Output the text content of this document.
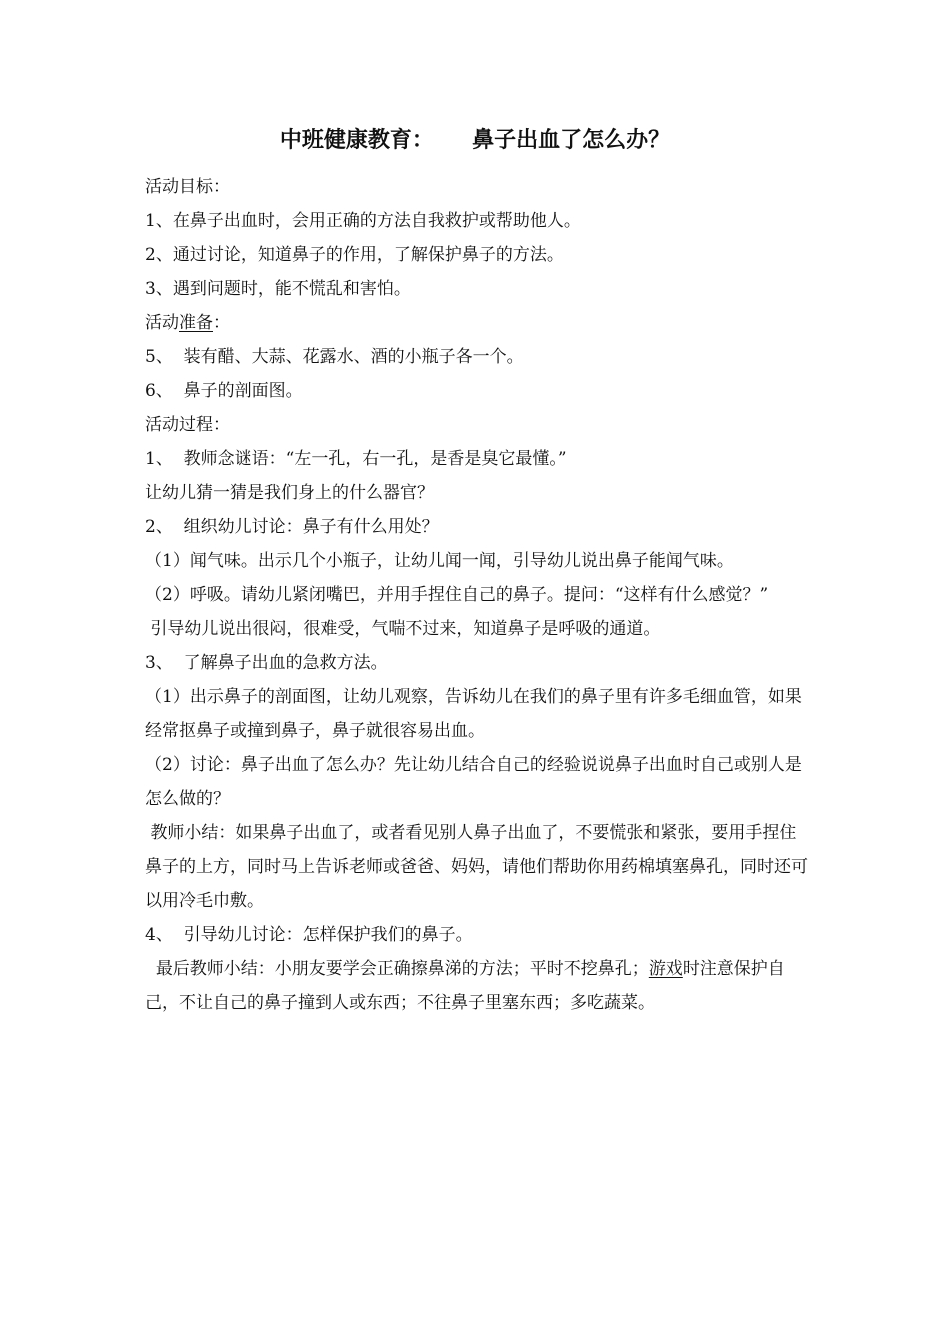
中班健康教育：     鼻子出血了怎么办？

活动目标：

1、在鼻子出血时，会用正确的方法自我救护或帮助他人。

2、通过讨论，知道鼻子的作用，了解保护鼻子的方法。

3、遇到问题时，能不慌乱和害怕。

活动准备：

5、  装有醋、大蒜、花露水、酒的小瓶子各一个。

6、  鼻子的剖面图。

活动过程：

1、  教师念谜语：“左一孔，右一孔，是香是臭它最懂。”

让幼儿猜一猜是我们身上的什么器官？

2、  组织幼儿讨论：鼻子有什么用处？

（1）闻气味。出示几个小瓶子，让幼儿闻一闻，引导幼儿说出鼻子能闻气味。

（2）呼吸。请幼儿紧闭嘴巴，并用手捏住自己的鼻子。提问：“这样有什么感觉？”

引导幼儿说出很闷，很难受，气喘不过来，知道鼻子是呼吸的通道。

3、  了解鼻子出血的急救方法。

（1）出示鼻子的剖面图，让幼儿观察，告诉幼儿在我们的鼻子里有许多毛细血管，如果经常抠鼻子或撞到鼻子，鼻子就很容易出血。

（2）讨论：鼻子出血了怎么办？先让幼儿结合自己的经验说说鼻子出血时自己或别人是怎么做的？

教师小结：如果鼻子出血了，或者看见别人鼻子出血了，不要慌张和紧张，要用手捏住鼻子的上方，同时马上告诉老师或爸爸、妈妈，请他们帮助你用药棉填塞鼻孔，同时还可以用冷毛巾敷。

4、  引导幼儿讨论：怎样保护我们的鼻子。

最后教师小结：小朋友要学会正确擦鼻涕的方法；平时不挖鼻孔；游戏时注意保护自己，不让自己的鼻子撞到人或东西；不往鼻子里塞东西；多吃蔬菜。
